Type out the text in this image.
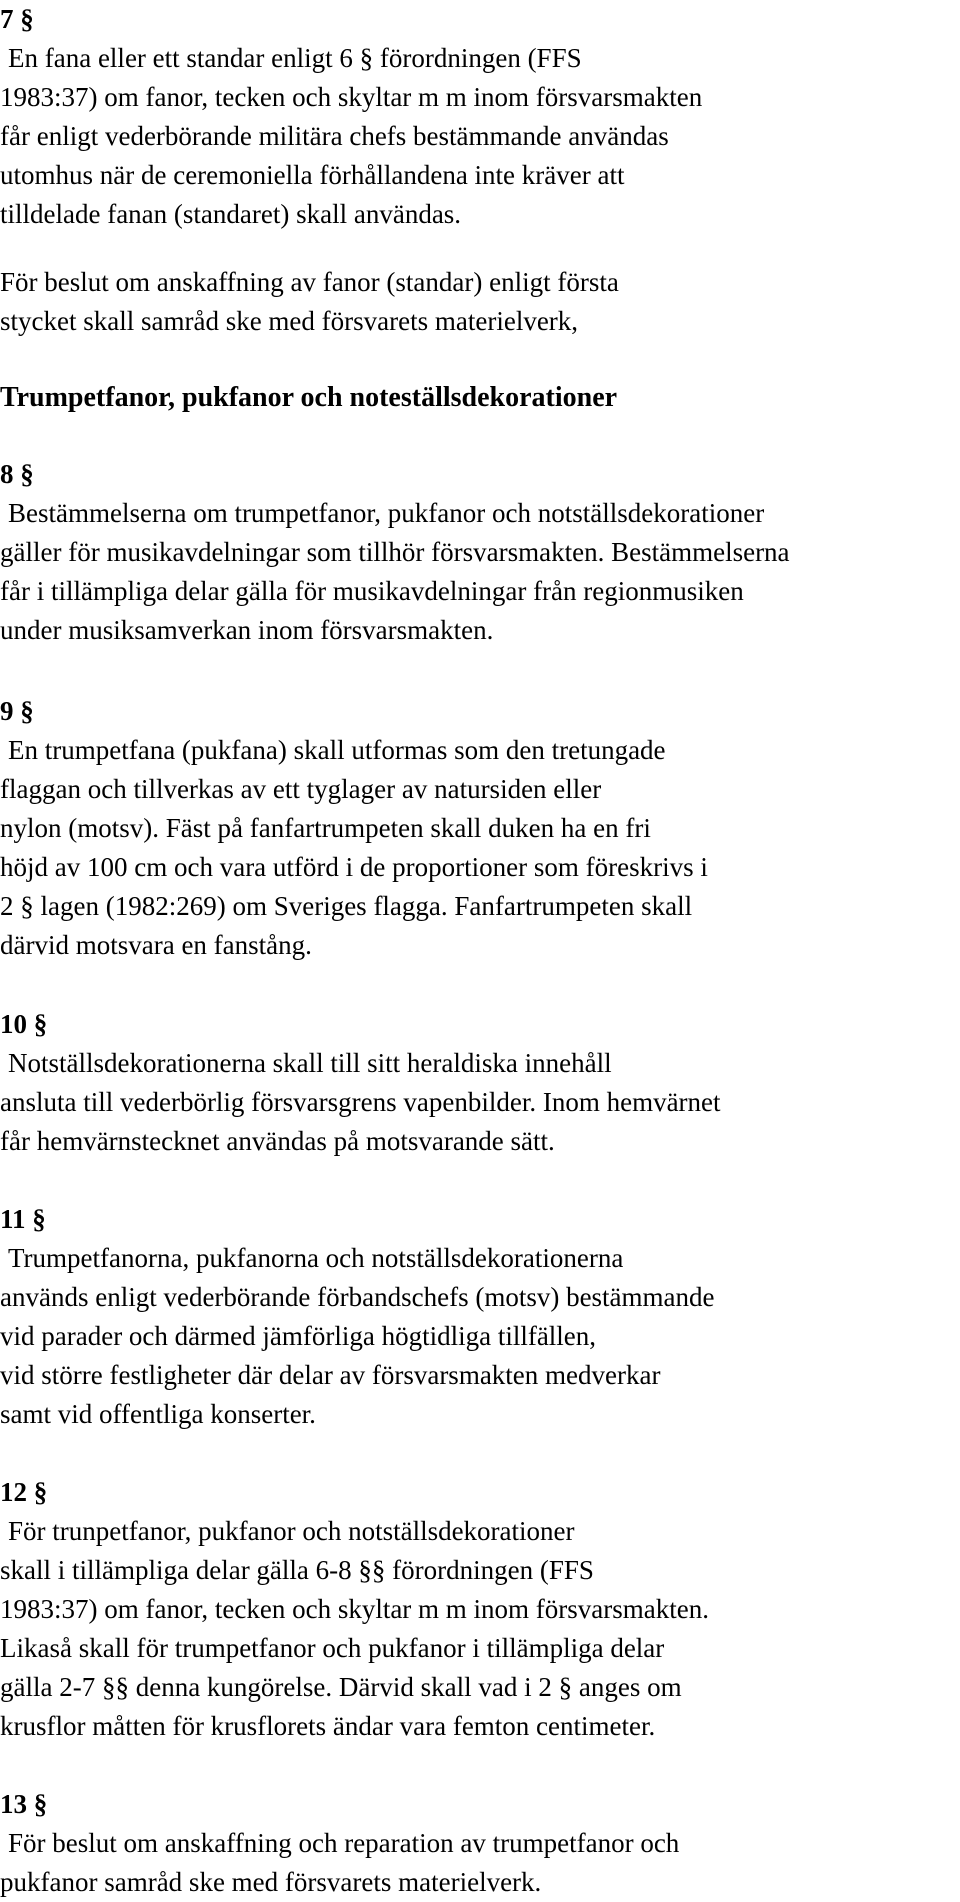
7 §
En fana eller ett standar enligt 6 § förordningen (FFS
1983:37) om fanor, tecken och skyltar m m inom försvarsmakten
får enligt vederbörande militära chefs bestämmande användas
utomhus när de ceremoniella förhållandena inte kräver att
tilldelade fanan (standaret) skall användas.
För beslut om anskaffning av fanor (standar) enligt första
stycket skall samråd ske med försvarets materielverk,
Trumpetfanor, pukfanor och noteställsdekorationer
8 §
Bestämmelserna om trumpetfanor, pukfanor och notställsdekorationer
gäller för musikavdelningar som tillhör försvarsmakten. Bestämmelserna
får i tillämpliga delar gälla för musikavdelningar från regionmusiken
under musiksamverkan inom försvarsmakten.
9 §
En trumpetfana (pukfana) skall utformas som den tretungade
flaggan och tillverkas av ett tyglager av natursiden eller
nylon (motsv). Fäst på fanfartrumpeten skall duken ha en fri
höjd av 100 cm och vara utförd i de proportioner som föreskrivs i
2 § lagen (1982:269) om Sveriges flagga. Fanfartrumpeten skall
därvid motsvara en fanstång.
10 §
Notställsdekorationerna skall till sitt heraldiska innehåll
ansluta till vederbörlig försvarsgrens vapenbilder. Inom hemvärnet
får hemvärnstecknet användas på motsvarande sätt.
11 §
Trumpetfanorna, pukfanorna och notställsdekorationerna
används enligt vederbörande förbandschefs (motsv) bestämmande
vid parader och därmed jämförliga högtidliga tillfällen,
vid större festligheter där delar av försvarsmakten medverkar
samt vid offentliga konserter.
12 §
För trunpetfanor, pukfanor och notställsdekorationer
skall i tillämpliga delar gälla 6-8 §§ förordningen (FFS
1983:37) om fanor, tecken och skyltar m m inom försvarsmakten.
Likaså skall för trumpetfanor och pukfanor i tillämpliga delar
gälla 2-7 §§ denna kungörelse. Därvid skall vad i 2 § anges om
krusflor måtten för krusflorets ändar vara femton centimeter.
13 §
För beslut om anskaffning och reparation av trumpetfanor och
pukfanor samråd ske med försvarets materielverk.
